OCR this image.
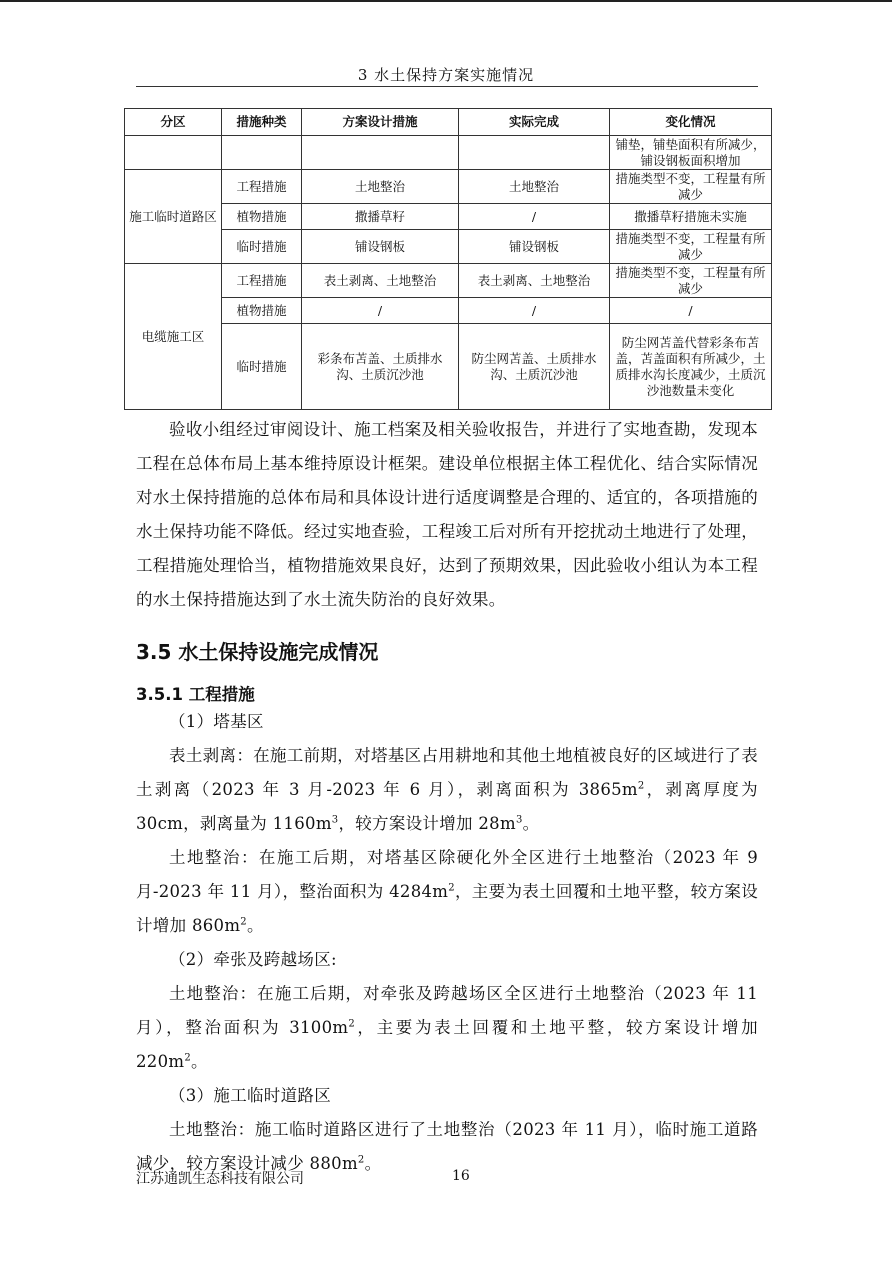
3 水土保持方案实施情况
分区	措施种类	方案设计措施	实际完成	变化情况
				铺垫，铺垫面积有所减少，铺设钢板面积增加
施工临时道路区	工程措施	土地整治	土地整治	措施类型不变，工程量有所减少
	植物措施	撒播草籽	/	撒播草籽措施未实施
	临时措施	铺设钢板	铺设钢板	措施类型不变，工程量有所减少
电缆施工区	工程措施	表土剥离、土地整治	表土剥离、土地整治	措施类型不变，工程量有所减少
	植物措施	/	/	/
	临时措施	彩条布苫盖、土质排水沟、土质沉沙池	防尘网苫盖、土质排水沟、土质沉沙池	防尘网苫盖代替彩条布苫盖，苫盖面积有所减少，土质排水沟长度减少，土质沉沙池数量未变化

验收小组经过审阅设计、施工档案及相关验收报告，并进行了实地查勘，发现本工程在总体布局上基本维持原设计框架。建设单位根据主体工程优化、结合实际情况对水土保持措施的总体布局和具体设计进行适度调整是合理的、适宜的，各项措施的水土保持功能不降低。经过实地查验，工程竣工后对所有开挖扰动土地进行了处理，工程措施处理恰当，植物措施效果良好，达到了预期效果，因此验收小组认为本工程的水土保持措施达到了水土流失防治的良好效果。

3.5 水土保持设施完成情况
3.5.1 工程措施

（1）塔基区

表土剥离：在施工前期，对塔基区占用耕地和其他土地植被良好的区域进行了表土剥离（2023 年 3 月-2023 年 6 月），剥离面积为 $3865m^2$，剥离厚度为 30cm，剥离量为 $1160m^3$，较方案设计增加 $28m^3$。

土地整治：在施工后期，对塔基区除硬化外全区进行土地整治（2023 年 9 月-2023 年 11 月），整治面积为 $4284m^2$，主要为表土回覆和土地平整，较方案设计增加 $860m^2$。

（2）牵张及跨越场区:

土地整治：在施工后期，对牵张及跨越场区全区进行土地整治（2023 年 11 月），整治面积为 $3100m^2$，主要为表土回覆和土地平整，较方案设计增加 $220m^2$。

（3）施工临时道路区

土地整治：施工临时道路区进行了土地整治（2023 年 11 月），临时施工道路减少，较方案设计减少 $880m^2$。

江苏通凯生态科技有限公司	16
